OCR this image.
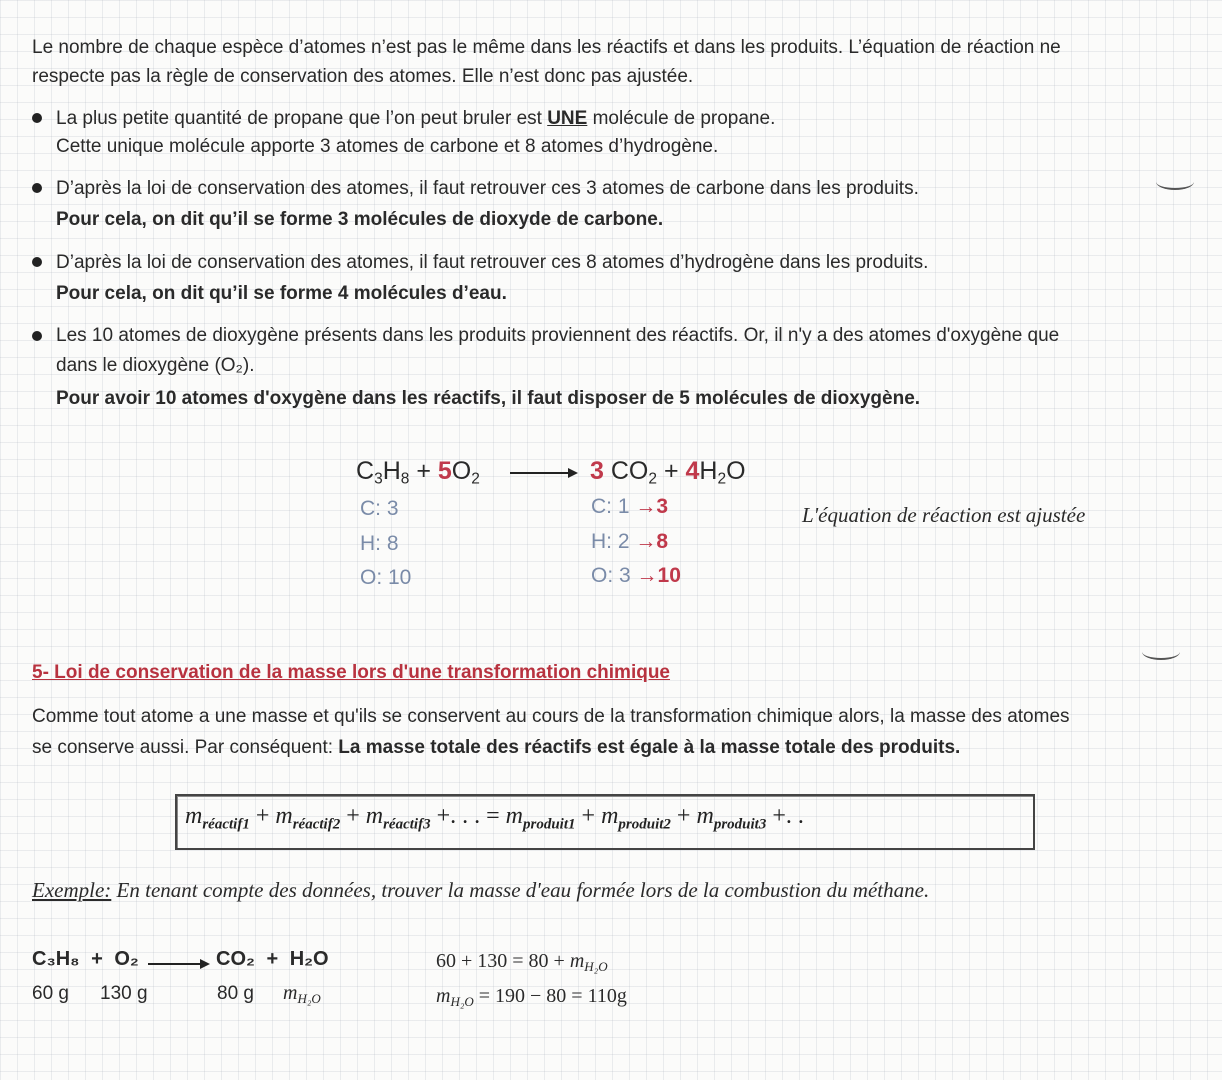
Le nombre de chaque espèce d’atomes n’est pas le même dans les réactifs et dans les produits. L’équation de réaction ne
respecte pas la règle de conservation des atomes. Elle n’est donc pas ajustée.
La plus petite quantité de propane que l’on peut bruler est UNE molécule de propane.
Cette unique molécule apporte 3 atomes de carbone et 8 atomes d’hydrogène.
D’après la loi de conservation des atomes, il faut retrouver ces 3 atomes de carbone dans les produits.
Pour cela, on dit qu’il se forme 3 molécules de dioxyde de carbone.
D’après la loi de conservation des atomes, il faut retrouver ces 8 atomes d’hydrogène dans les produits.
Pour cela, on dit qu’il se forme 4 molécules d’eau.
Les 10 atomes de dioxygène présents dans les produits proviennent des réactifs. Or, il n'y a des atomes d'oxygène que
dans le dioxygène (O₂).
Pour avoir 10 atomes d'oxygène dans les réactifs, il faut disposer de 5 molécules de dioxygène.
$C_3H_8 + 5O_2$	3 $CO_2 + 4H_2O$
C: 3
H: 8
O: 10
C: 1 →3
H: 2 →8
O: 3 →10
L'équation de réaction est ajustée
5- Loi de conservation de la masse lors d'une transformation chimique
Comme tout atome a une masse et qu'ils se conservent au cours de la transformation chimique alors, la masse des atomes
se conserve aussi. Par conséquent: La masse totale des réactifs est égale à la masse totale des produits.
$m_{réactif1} + m_{réactif2} + m_{réactif3}$ +. . . = $m_{produit1} + m_{produit2} + m_{produit3}$ +. .
Exemple: En tenant compte des données, trouver la masse d'eau formée lors de la combustion du méthane.
C₃H₈ + O₂	CO₂ + H₂O
60 g 130 g	80 g $m_{H_2O}$
$60 + 130 = 80 + m_{H_2O}$
$m_{H_2O} = 190 - 80 = 110g$
